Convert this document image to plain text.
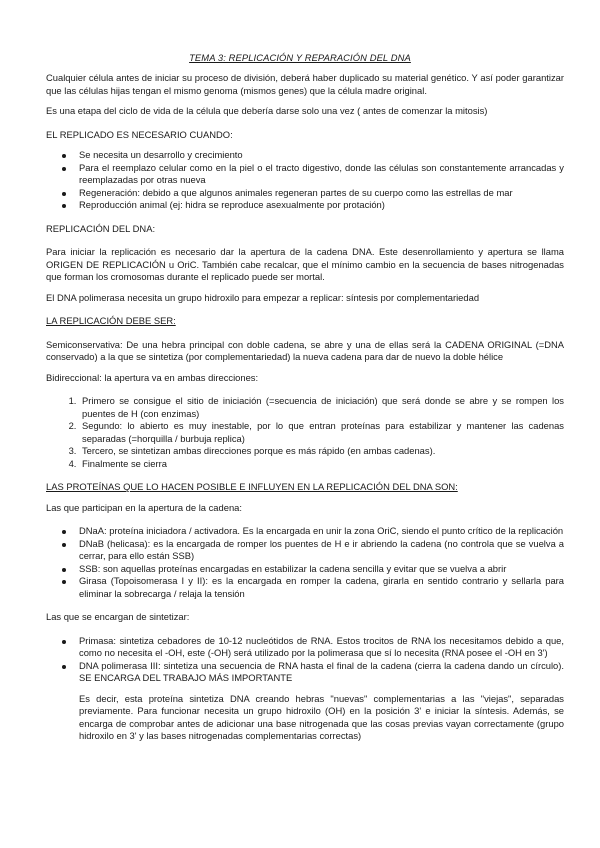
TEMA 3: REPLICACIÓN Y REPARACIÓN DEL DNA

Cualquier célula antes de iniciar su proceso de división, deberá haber duplicado su material genético. Y así poder garantizar que las células hijas tengan el mismo genoma (mismos genes) que la célula madre original.

Es una etapa del ciclo de vida de la célula que debería darse solo una vez ( antes de comenzar la mitosis)

EL REPLICADO ES NECESARIO CUANDO:

Se necesita un desarrollo y crecimiento
Para el reemplazo celular como en la piel o el tracto digestivo, donde las células son constantemente arrancadas y reemplazadas por otras nueva
Regeneración: debido a que algunos animales regeneran partes de su cuerpo como las estrellas de mar
Reproducción animal (ej: hidra se reproduce asexualmente por protación)

REPLICACIÓN DEL DNA:

Para iniciar la replicación es necesario dar la apertura de la cadena DNA. Este desenrollamiento y apertura se llama ORIGEN DE REPLICACIÓN u OriC. También cabe recalcar, que el mínimo cambio en la secuencia de bases nitrogenadas que forman los cromosomas durante el replicado puede ser mortal.

El DNA polimerasa necesita un grupo hidroxilo para empezar a replicar: síntesis por complementariedad

LA REPLICACIÓN DEBE SER:

Semiconservativa: De una hebra principal con doble cadena, se abre y una de ellas será la CADENA ORIGINAL (=DNA conservado) a la que se sintetiza (por complementariedad) la nueva cadena para dar de nuevo la doble hélice

Bidireccional: la apertura va en ambas direcciones:

1. Primero se consigue el sitio de iniciación (=secuencia de iniciación) que será donde se abre y se rompen los puentes de H (con enzimas)
2. Segundo: lo abierto es muy inestable, por lo que entran proteínas para estabilizar y mantener las cadenas separadas (=horquilla / burbuja replica)
3. Tercero, se sintetizan ambas direcciones porque es más rápido (en ambas cadenas).
4. Finalmente se cierra

LAS PROTEÍNAS QUE LO HACEN POSIBLE E INFLUYEN EN LA REPLICACIÓN DEL DNA SON:

Las que participan en la apertura de la cadena:

DNaA: proteína iniciadora / activadora. Es la encargada en unir la zona OriC, siendo el punto crítico de la replicación
DNaB (helicasa): es la encargada de romper los puentes de H e ir abriendo la cadena (no controla que se vuelva a cerrar, para ello están SSB)
SSB: son aquellas proteínas encargadas en estabilizar la cadena sencilla y evitar que se vuelva a abrir
Girasa (Topoisomerasa I y II): es la encargada en romper la cadena, girarla en sentido contrario y sellarla para eliminar la sobrecarga / relaja la tensión

Las que se encargan de sintetizar:

Primasa: sintetiza cebadores de 10-12 nucleótidos de RNA. Estos trocitos de RNA los necesitamos debido a que, como no necesita el -OH, este (-OH) será utilizado por la polimerasa que sí lo necesita (RNA posee el -OH en 3')
DNA polimerasa III: sintetiza una secuencia de RNA hasta el final de la cadena (cierra la cadena dando un círculo). SE ENCARGA DEL TRABAJO MÁS IMPORTANTE

Es decir, esta proteína sintetiza DNA creando hebras "nuevas" complementarias a las "viejas", separadas previamente. Para funcionar necesita un grupo hidroxilo (OH) en la posición 3' e iniciar la síntesis. Además, se encarga de comprobar antes de adicionar una base nitrogenada que las cosas previas vayan correctamente (grupo hidroxilo en 3' y las bases nitrogenadas complementarias correctas)
